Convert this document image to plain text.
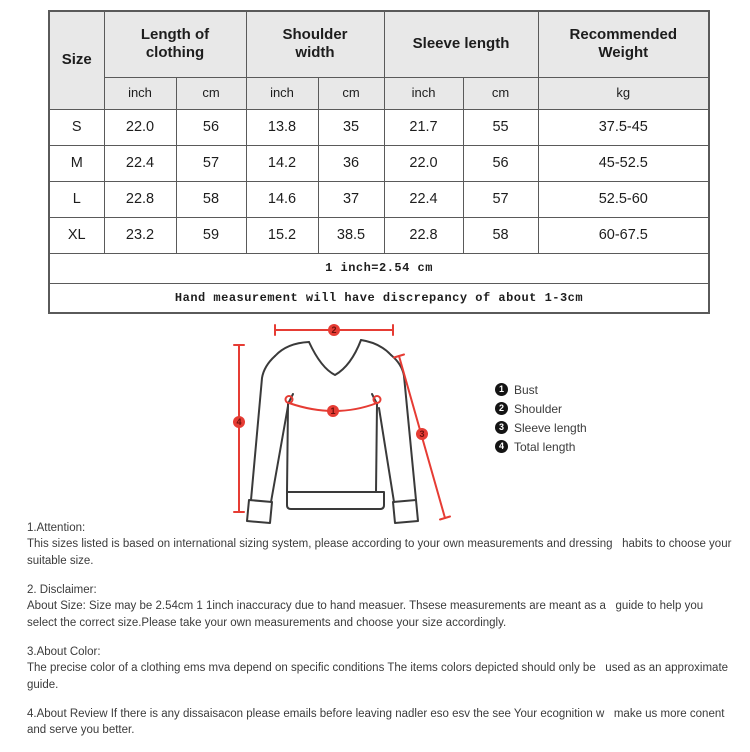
Size	Length of clothing		Shoulder width		Sleeve length		Recommended Weight
	inch	cm	inch	cm	inch	cm	kg
S	22.0	56	13.8	35	21.7	55	37.5-45
M	22.4	57	14.2	36	22.0	56	45-52.5
L	22.8	58	14.6	37	22.4	57	52.5-60
XL	23.2	59	15.2	38.5	22.8	58	60-67.5
1 inch=2.54 cm							
Hand measurement will have discrepancy of about 1-3cm							
2
1
3
4
1 Bust
2 Shoulder
3 Sleeve length
4 Total length
1.Attention:
This sizes listed is based on international sizing system, please according to your own measurements and dressing   habits to choose your suitable size.
2. Disclaimer:
About Size: Size may be 2.54cm 1 1inch inaccuracy due to hand measuer. Thsese measurements are meant as a   guide to help you select the correct size.Please take your own measurements and choose your size accordingly.
3.About Color:
The precise color of a clothing ems mva depend on specific conditions The items colors depicted should only be   used as an approximate guide.
4.About Review If there is any dissaisacon please emails before leaving nadler eso esv the see Your ecognition w   make us more conent and serve you better.
